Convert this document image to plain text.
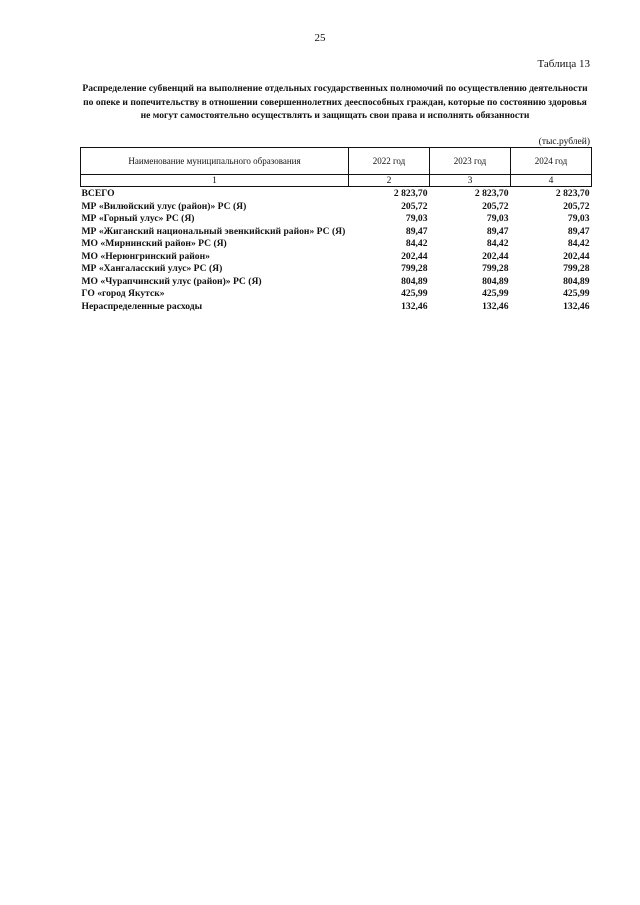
25
Таблица 13
Распределение субвенций на выполнение отдельных государственных полномочий по осуществлению деятельности по опеке и попечительству в отношении совершеннолетних дееспособных граждан, которые по состоянию здоровья не могут самостоятельно осуществлять и защищать свои права и исполнять обязанности
(тыс.рублей)
Наименование муниципального образования	2022 год	2023 год	2024 год
1	2	3	4
ВСЕГО	2 823,70	2 823,70	2 823,70
МР «Вилюйский улус (район)» РС (Я)	205,72	205,72	205,72
МР «Горный улус» РС (Я)	79,03	79,03	79,03
МР «Жиганский национальный эвенкийский район» РС (Я)	89,47	89,47	89,47
МО «Мирнинский район» РС (Я)	84,42	84,42	84,42
МО «Нерюнгринский район»	202,44	202,44	202,44
МР «Хангаласский улус» РС (Я)	799,28	799,28	799,28
МО «Чурапчинский улус (район)» РС (Я)	804,89	804,89	804,89
ГО «город Якутск»	425,99	425,99	425,99
Нераспределенные расходы	132,46	132,46	132,46
